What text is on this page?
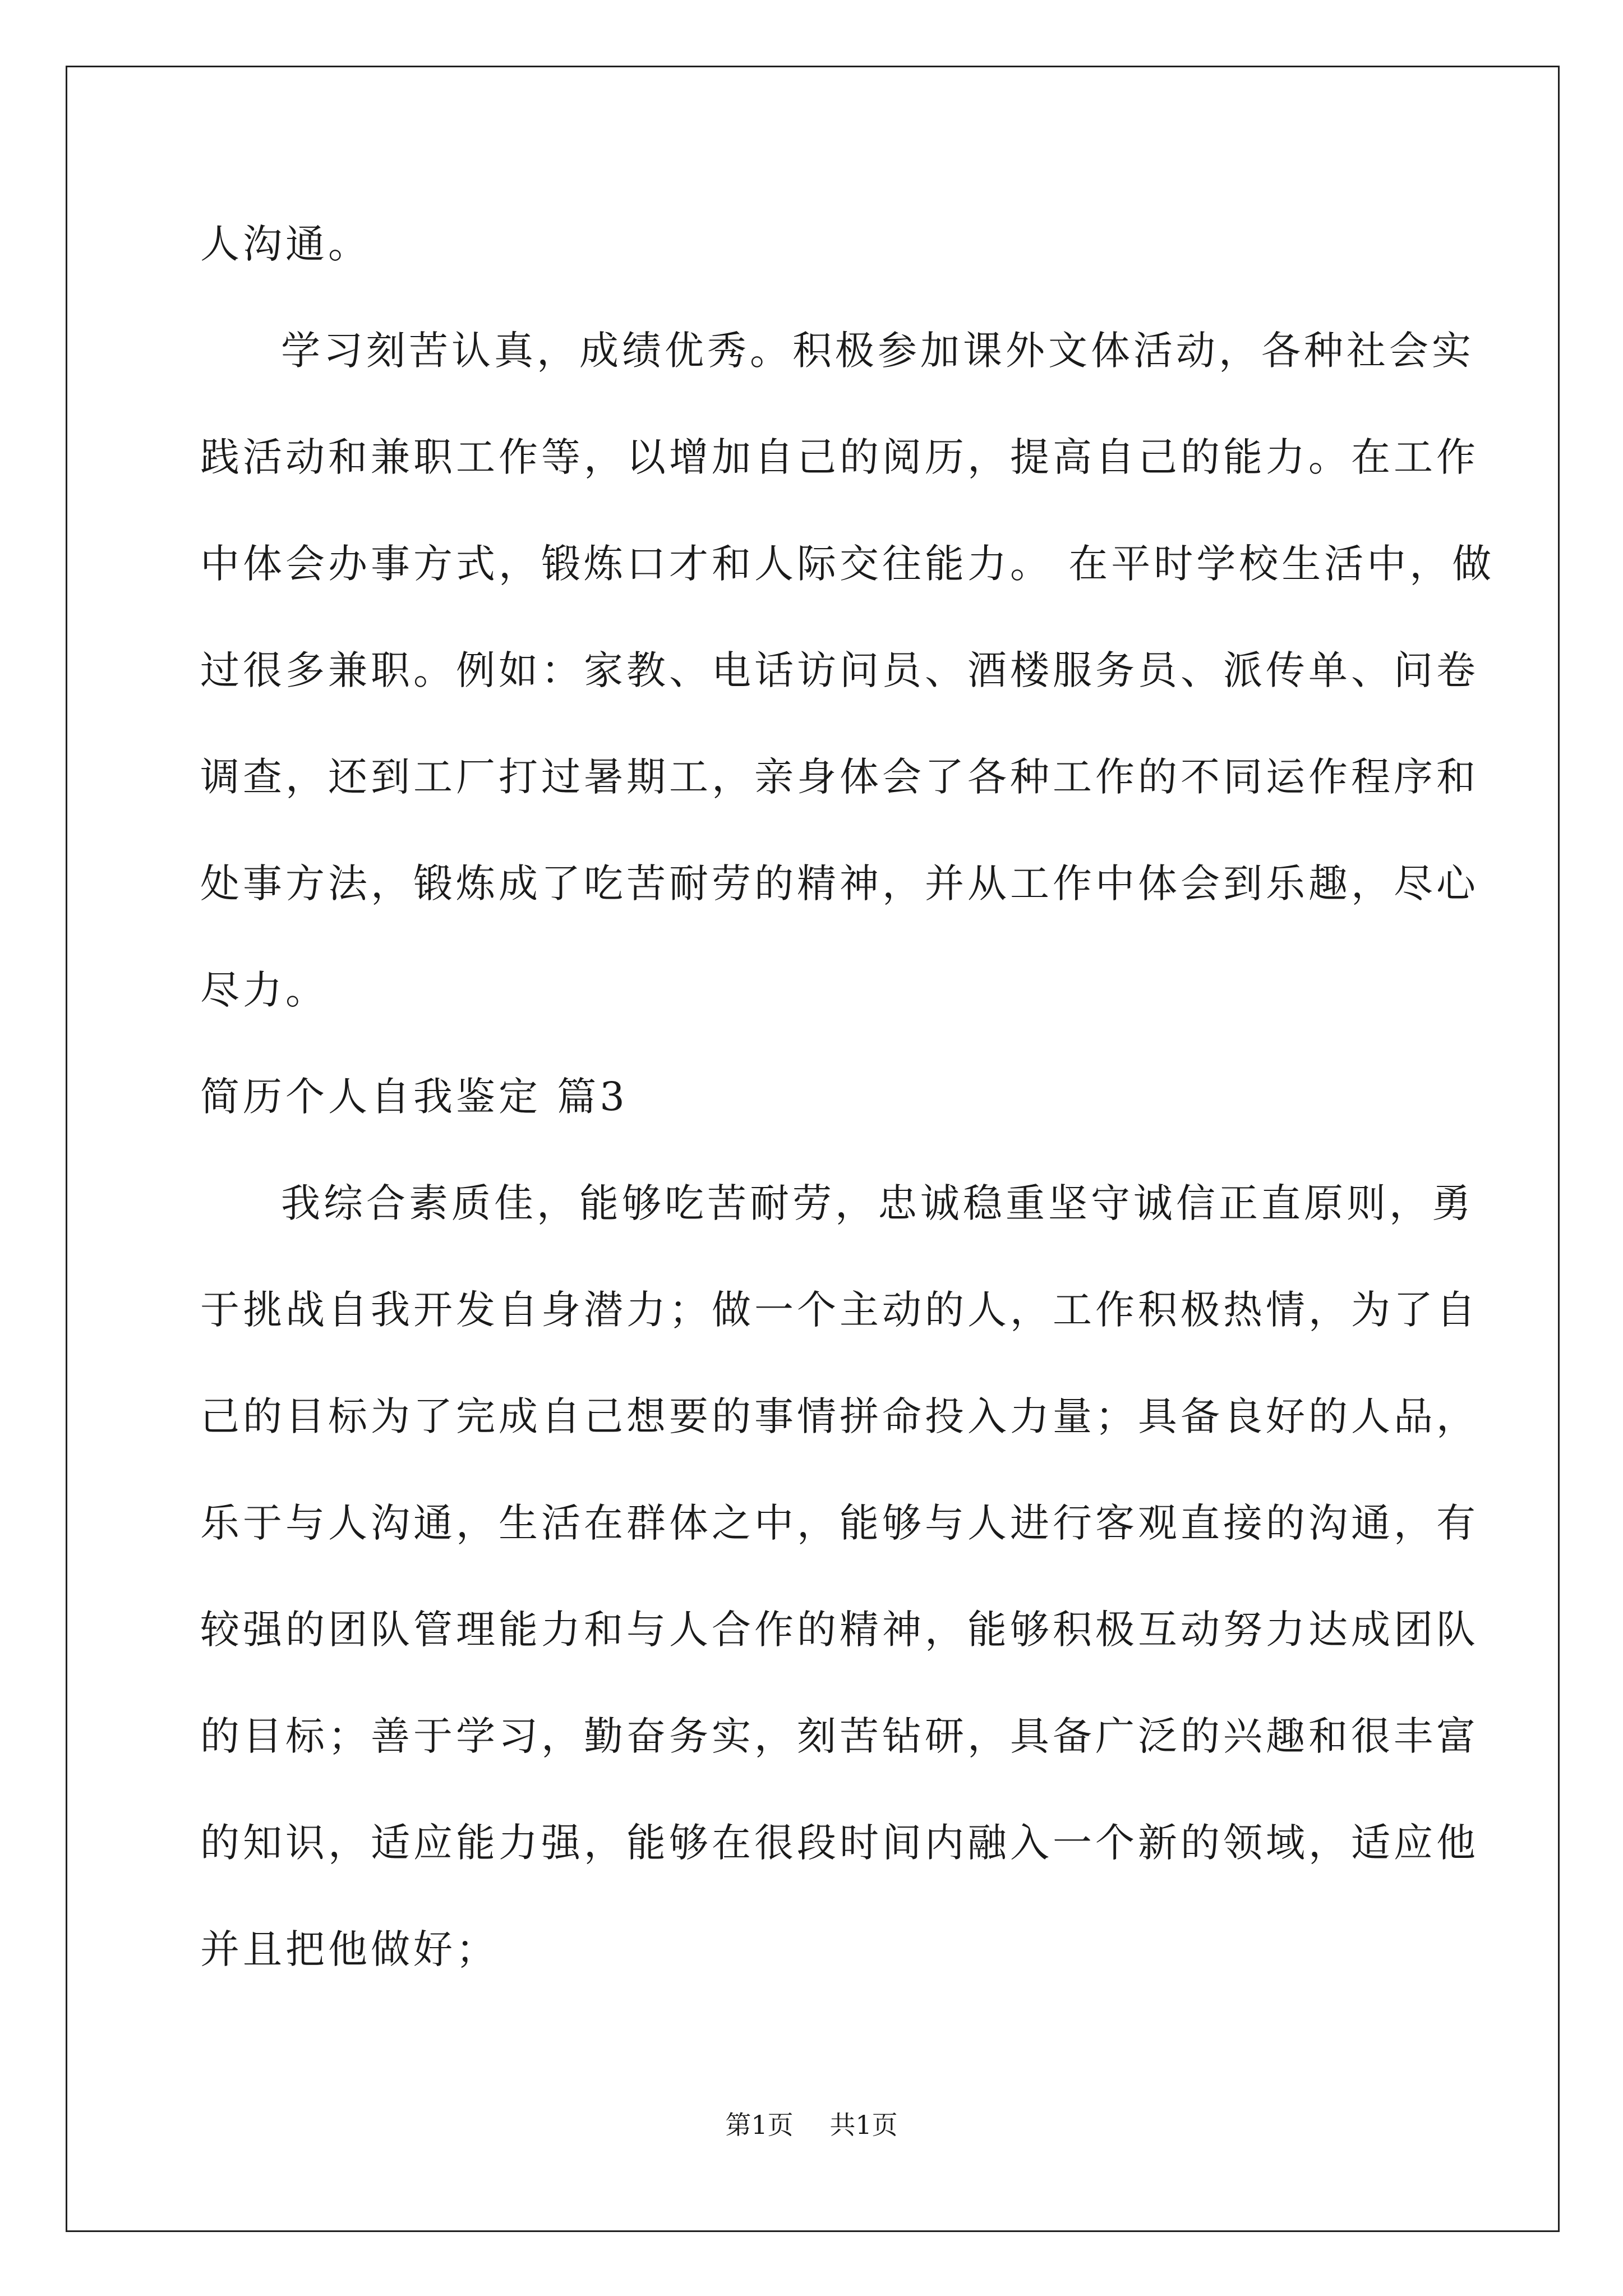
人沟通。
学习刻苦认真，成绩优秀。积极参加课外文体活动，各种社会实
践活动和兼职工作等，以增加自己的阅历，提高自己的能力。在工作
中体会办事方式，锻炼口才和人际交往能力。 在平时学校生活中，做
过很多兼职。例如：家教、电话访问员、酒楼服务员、派传单、问卷
调查，还到工厂打过暑期工，亲身体会了各种工作的不同运作程序和
处事方法，锻炼成了吃苦耐劳的精神，并从工作中体会到乐趣，尽心
尽力。
简历个人自我鉴定 篇3
我综合素质佳，能够吃苦耐劳，忠诚稳重坚守诚信正直原则，勇
于挑战自我开发自身潜力；做一个主动的人，工作积极热情，为了自
己的目标为了完成自己想要的事情拼命投入力量；具备良好的人品，
乐于与人沟通，生活在群体之中，能够与人进行客观直接的沟通，有
较强的团队管理能力和与人合作的精神，能够积极互动努力达成团队
的目标；善于学习，勤奋务实，刻苦钻研，具备广泛的兴趣和很丰富
的知识，适应能力强，能够在很段时间内融入一个新的领域，适应他
并且把他做好；
第1页 共1页
